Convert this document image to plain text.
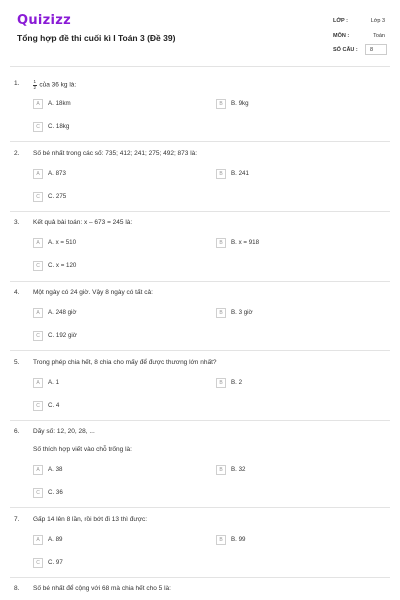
Quizizz
Tổng hợp đề thi cuối kì I Toán 3 (Đề 39)
LỚP :	Lớp 3
MÔN :	Toán
SỐ CÂU : 8
1.	$\frac{1}{2}$ của 36 kg là:
A	A. 18km	B	B. 9kg
C	C. 18kg
2. Số bé nhất trong các số: 735; 412; 241; 275; 492; 873 là:
A	A. 873	B	B. 241
C	C. 275
3. Kết quả bài toán: x – 673 = 245 là:
A	A. x = 510	B	B. x = 918
C	C. x = 120
4. Một ngày có 24 giờ. Vậy 8 ngày có tất cả:
A	A. 248 giờ	B	B. 3 giờ
C	C. 192 giờ
5. Trong phép chia hết, 8 chia cho mấy để được thương lớn nhất?
A	A. 1	B	B. 2
C	C. 4
6. Dãy số: 12, 20, 28, ...
Số thích hợp viết vào chỗ trống là:
A	A. 38	B	B. 32
C	C. 36
7. Gấp 14 lên 8 lần, rồi bớt đi 13 thì được:
A	A. 89	B	B. 99
C	C. 97
8. Số bé nhất để cộng với 68 mà chia hết cho 5 là:
